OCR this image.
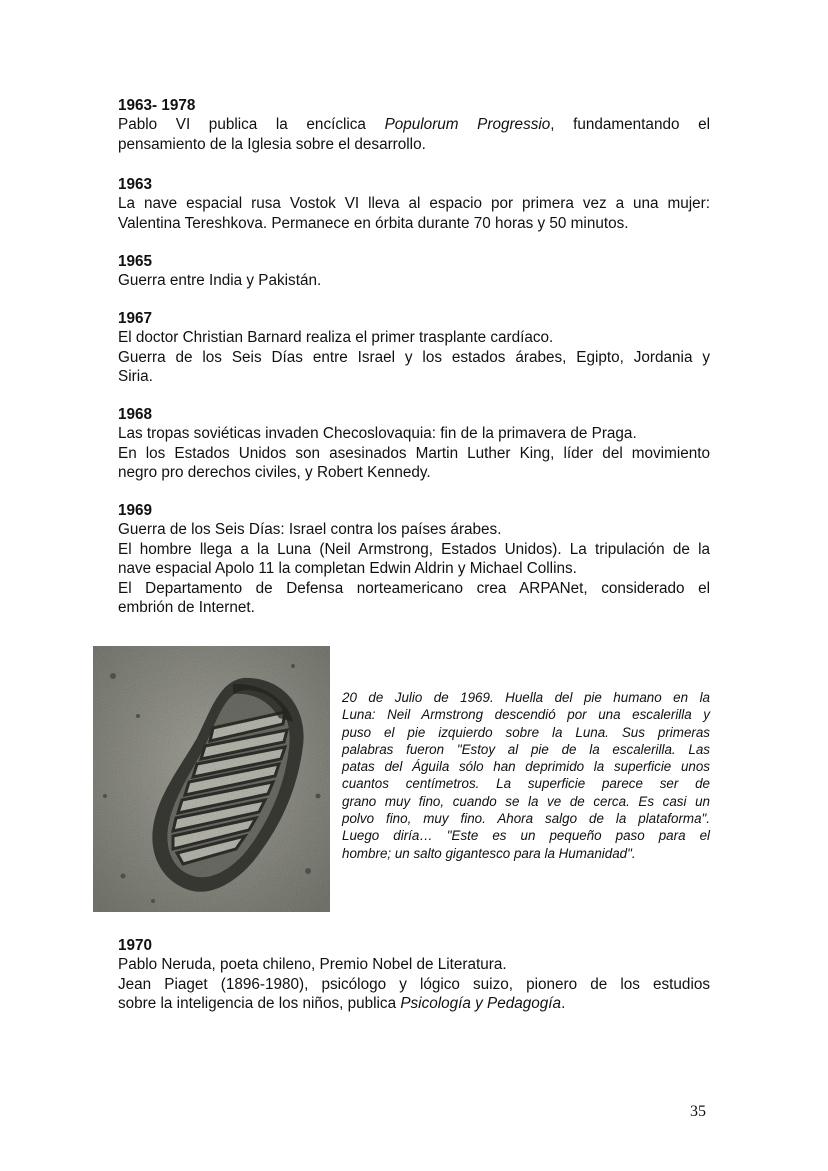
1963- 1978
Pablo VI publica la encíclica Populorum Progressio, fundamentando el
pensamiento de la Iglesia sobre el desarrollo.
1963
La nave espacial rusa Vostok VI lleva al espacio por primera vez a una mujer:
Valentina Tereshkova. Permanece en órbita durante 70 horas y 50 minutos.
1965
Guerra entre India y Pakistán.
1967
El doctor Christian Barnard realiza el primer trasplante cardíaco.
Guerra de los Seis Días entre Israel y los estados árabes, Egipto, Jordania y
Siria.
1968
Las tropas soviéticas invaden Checoslovaquia: fin de la primavera de Praga.
En los Estados Unidos son asesinados Martin Luther King, líder del movimiento
negro pro derechos civiles, y Robert Kennedy.
1969
Guerra de los Seis Días: Israel contra los países árabes.
El hombre llega a la Luna (Neil Armstrong, Estados Unidos). La tripulación de la
nave espacial Apolo 11 la completan Edwin Aldrin y Michael Collins.
El Departamento de Defensa norteamericano crea ARPANet, considerado el
embrión de Internet.
20 de Julio de 1969. Huella del pie humano en la
Luna: Neil Armstrong descendió por una escalerilla y
puso el pie izquierdo sobre la Luna. Sus primeras
palabras fueron "Estoy al pie de la escalerilla. Las
patas del Águila sólo han deprimido la superficie unos
cuantos centímetros. La superficie parece ser de
grano muy fino, cuando se la ve de cerca. Es casi un
polvo fino, muy fino. Ahora salgo de la plataforma".
Luego diría… "Este es un pequeño paso para el
hombre; un salto gigantesco para la Humanidad".
1970
Pablo Neruda, poeta chileno, Premio Nobel de Literatura.
Jean Piaget (1896-1980), psicólogo y lógico suizo, pionero de los estudios
sobre la inteligencia de los niños, publica Psicología y Pedagogía.
35
